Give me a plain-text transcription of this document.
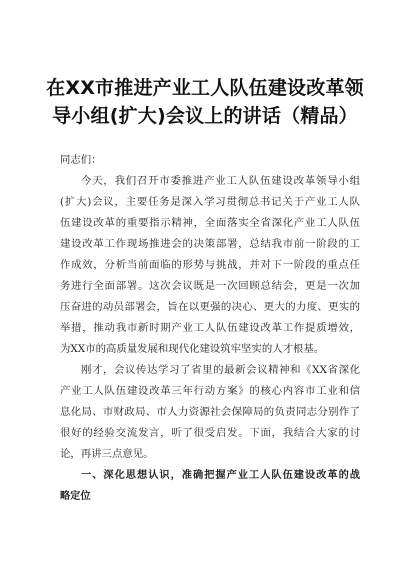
在XX市推进产业工人队伍建设改革领
导小组(扩大)会议上的讲话（精品）

同志们：

今天，我们召开市委推进产业工人队伍建设改革领导小组
(扩大)会议，主要任务是深入学习贯彻总书记关于产业工人队
伍建设改革的重要指示精神，全面落实全省深化产业工人队伍
建设改革工作现场推进会的决策部署，总结我市前一阶段的工
作成效，分析当前面临的形势与挑战，并对下一阶段的重点任
务进行全面部署。这次会议既是一次回顾总结会，更是一次加
压奋进的动员部署会，旨在以更强的决心、更大的力度、更实的
举措，推动我市新时期产业工人队伍建设改革工作提质增效，
为XX市的高质量发展和现代化建设筑牢坚实的人才根基。
刚才，会议传达学习了省里的最新会议精神和《XX省深化
产业工人队伍建设改革三年行动方案》的核心内容市工业和信
息化局、市财政局、市人力资源社会保障局的负责同志分别作了
很好的经验交流发言，听了很受启发。下面，我结合大家的讨
论，再讲三点意见。
一、深化思想认识，准确把握产业工人队伍建设改革的战
略定位
